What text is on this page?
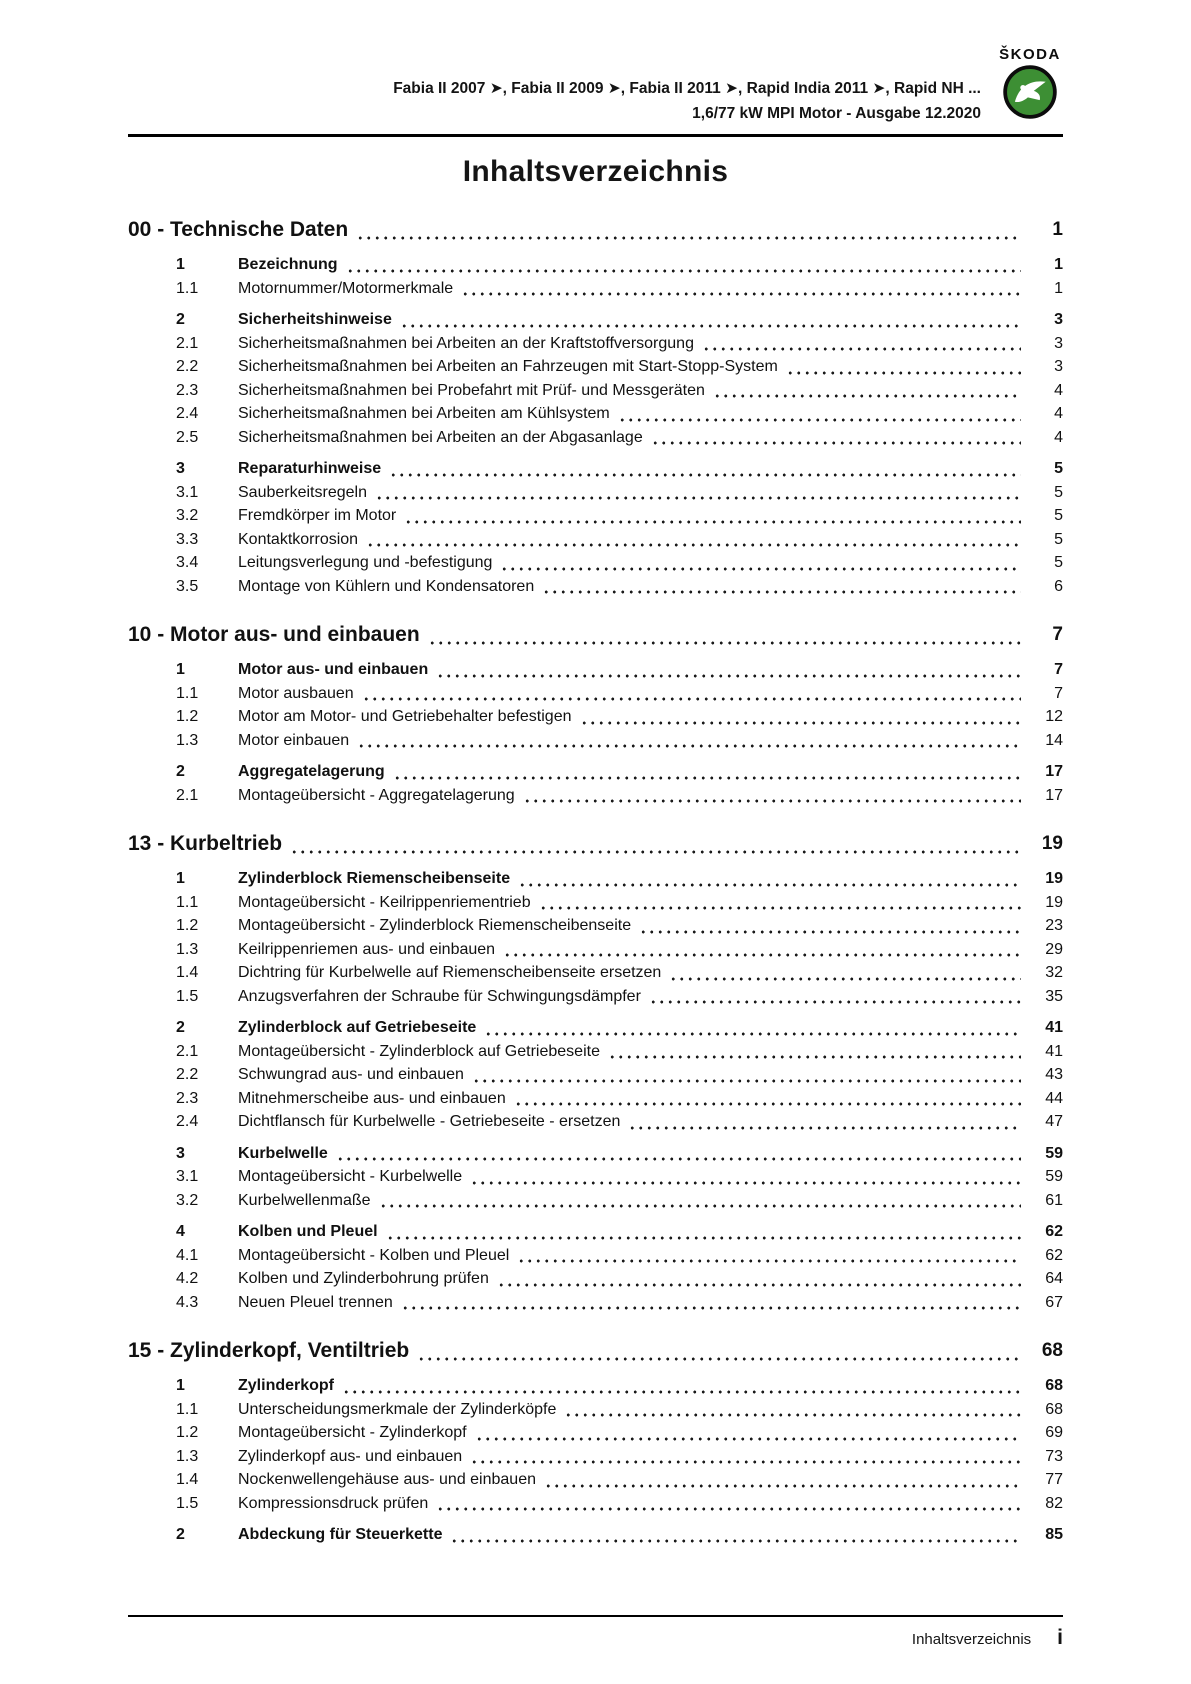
Fabia II 2007 ➤, Fabia II 2009 ➤, Fabia II 2011 ➤, Rapid India 2011 ➤, Rapid NH ...
1,6/77 kW MPI Motor - Ausgabe 12.2020
ŠKODA
Inhaltsverzeichnis
00 - Technische Daten	1
1	Bezeichnung	1
1.1	Motornummer/Motormerkmale	1
2	Sicherheitshinweise	3
2.1	Sicherheitsmaßnahmen bei Arbeiten an der Kraftstoffversorgung	3
2.2	Sicherheitsmaßnahmen bei Arbeiten an Fahrzeugen mit Start-Stopp-System	3
2.3	Sicherheitsmaßnahmen bei Probefahrt mit Prüf- und Messgeräten	4
2.4	Sicherheitsmaßnahmen bei Arbeiten am Kühlsystem	4
2.5	Sicherheitsmaßnahmen bei Arbeiten an der Abgasanlage	4
3	Reparaturhinweise	5
3.1	Sauberkeitsregeln	5
3.2	Fremdkörper im Motor	5
3.3	Kontaktkorrosion	5
3.4	Leitungsverlegung und -befestigung	5
3.5	Montage von Kühlern und Kondensatoren	6
10 - Motor aus- und einbauen	7
1	Motor aus- und einbauen	7
1.1	Motor ausbauen	7
1.2	Motor am Motor- und Getriebehalter befestigen	12
1.3	Motor einbauen	14
2	Aggregatelagerung	17
2.1	Montageübersicht - Aggregatelagerung	17
13 - Kurbeltrieb	19
1	Zylinderblock Riemenscheibenseite	19
1.1	Montageübersicht - Keilrippenriementrieb	19
1.2	Montageübersicht - Zylinderblock Riemenscheibenseite	23
1.3	Keilrippenriemen aus- und einbauen	29
1.4	Dichtring für Kurbelwelle auf Riemenscheibenseite ersetzen	32
1.5	Anzugsverfahren der Schraube für Schwingungsdämpfer	35
2	Zylinderblock auf Getriebeseite	41
2.1	Montageübersicht - Zylinderblock auf Getriebeseite	41
2.2	Schwungrad aus- und einbauen	43
2.3	Mitnehmerscheibe aus- und einbauen	44
2.4	Dichtflansch für Kurbelwelle - Getriebeseite - ersetzen	47
3	Kurbelwelle	59
3.1	Montageübersicht - Kurbelwelle	59
3.2	Kurbelwellenmaße	61
4	Kolben und Pleuel	62
4.1	Montageübersicht - Kolben und Pleuel	62
4.2	Kolben und Zylinderbohrung prüfen	64
4.3	Neuen Pleuel trennen	67
15 - Zylinderkopf, Ventiltrieb	68
1	Zylinderkopf	68
1.1	Unterscheidungsmerkmale der Zylinderköpfe	68
1.2	Montageübersicht - Zylinderkopf	69
1.3	Zylinderkopf aus- und einbauen	73
1.4	Nockenwellengehäuse aus- und einbauen	77
1.5	Kompressionsdruck prüfen	82
2	Abdeckung für Steuerkette	85
Inhaltsverzeichnis i
